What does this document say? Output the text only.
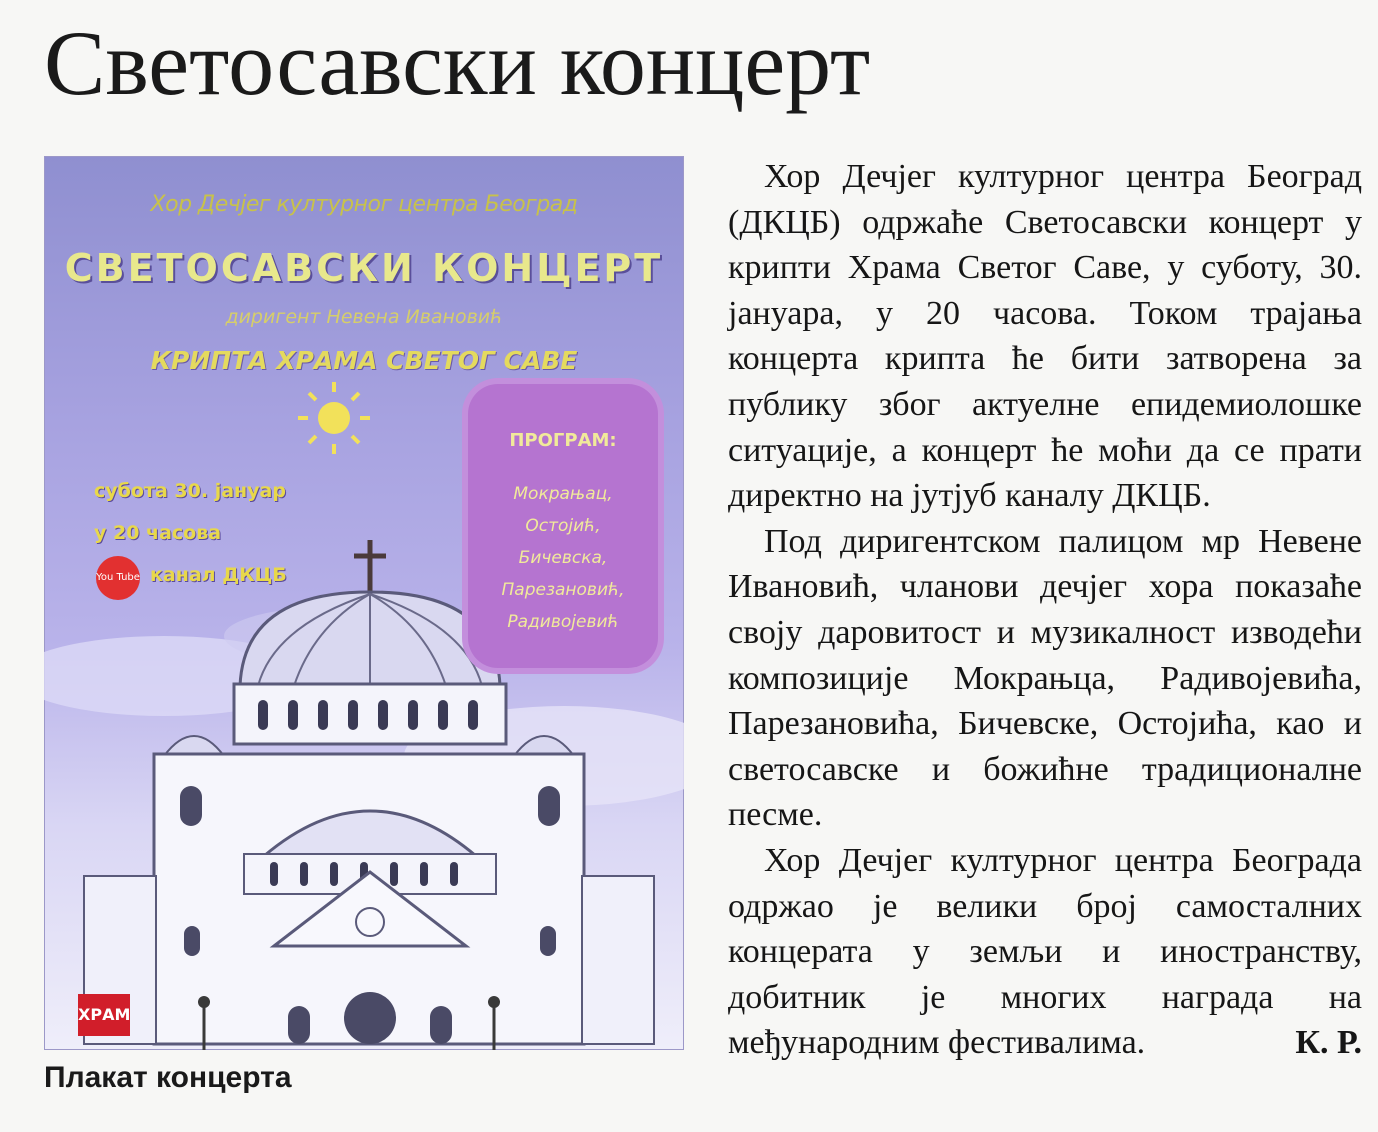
Светосавски концерт
Хор Дечјег културног центра Београд
СВЕТОСАВСКИ КОНЦЕРТ
диригент Невена Ивановић
КРИПТА ХРАМА СВЕТОГ САВЕ
субота 30. јануар
у 20 часова
You Tube канал ДКЦБ
ПРОГРАМ:
Мокрањац,
Остојић,
Бичевска,
Парезановић,
Радивојевић
ХРАМ
Плакат концерта

Хор Дечјег културног центра Београд (ДКЦБ) одржаће Светосавски концерт у крипти Храма Светог Саве, у суботу, 30. јануара, у 20 часова. Током трајања концерта крипта ће бити затворена за публику због актуелне епидемиолошке ситуације, а концерт ће моћи да се прати директно на јутјуб каналу ДКЦБ.

Под диригентском палицом мр Невене Ивановић, чланови дечјег хора показаће своју даровитост и музикалност изводећи композиције Мокрањца, Радивојевића, Парезановића, Бичевске, Остојића, као и светосавске и божићне традиционалне песме.

Хор Дечјег културног центра Београда одржао је велики број самосталних концерата у земљи и иностранству, добитник је многих награда на међународним фестивалима.	К. Р.
